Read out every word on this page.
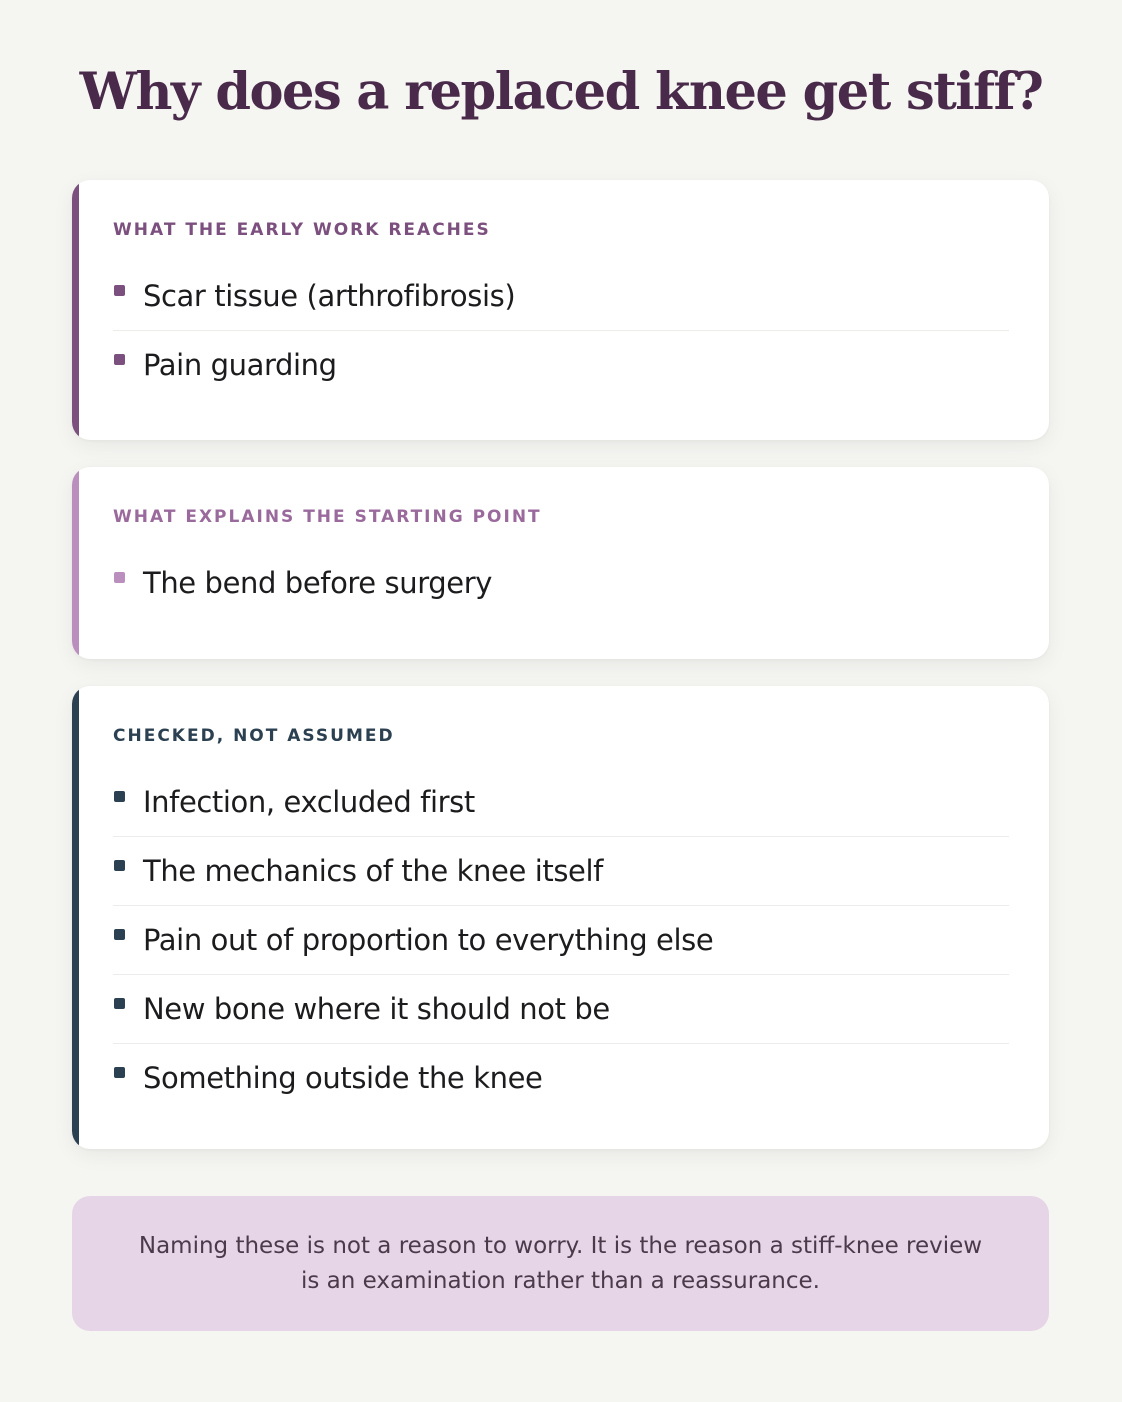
Why does a replaced knee get stiff?
WHAT THE EARLY WORK REACHES
Scar tissue (arthrofibrosis)
Pain guarding
WHAT EXPLAINS THE STARTING POINT
The bend before surgery
CHECKED, NOT ASSUMED
Infection, excluded first
The mechanics of the knee itself
Pain out of proportion to everything else
New bone where it should not be
Something outside the knee
Naming these is not a reason to worry. It is the reason a stiff-knee review is an examination rather than a reassurance.
